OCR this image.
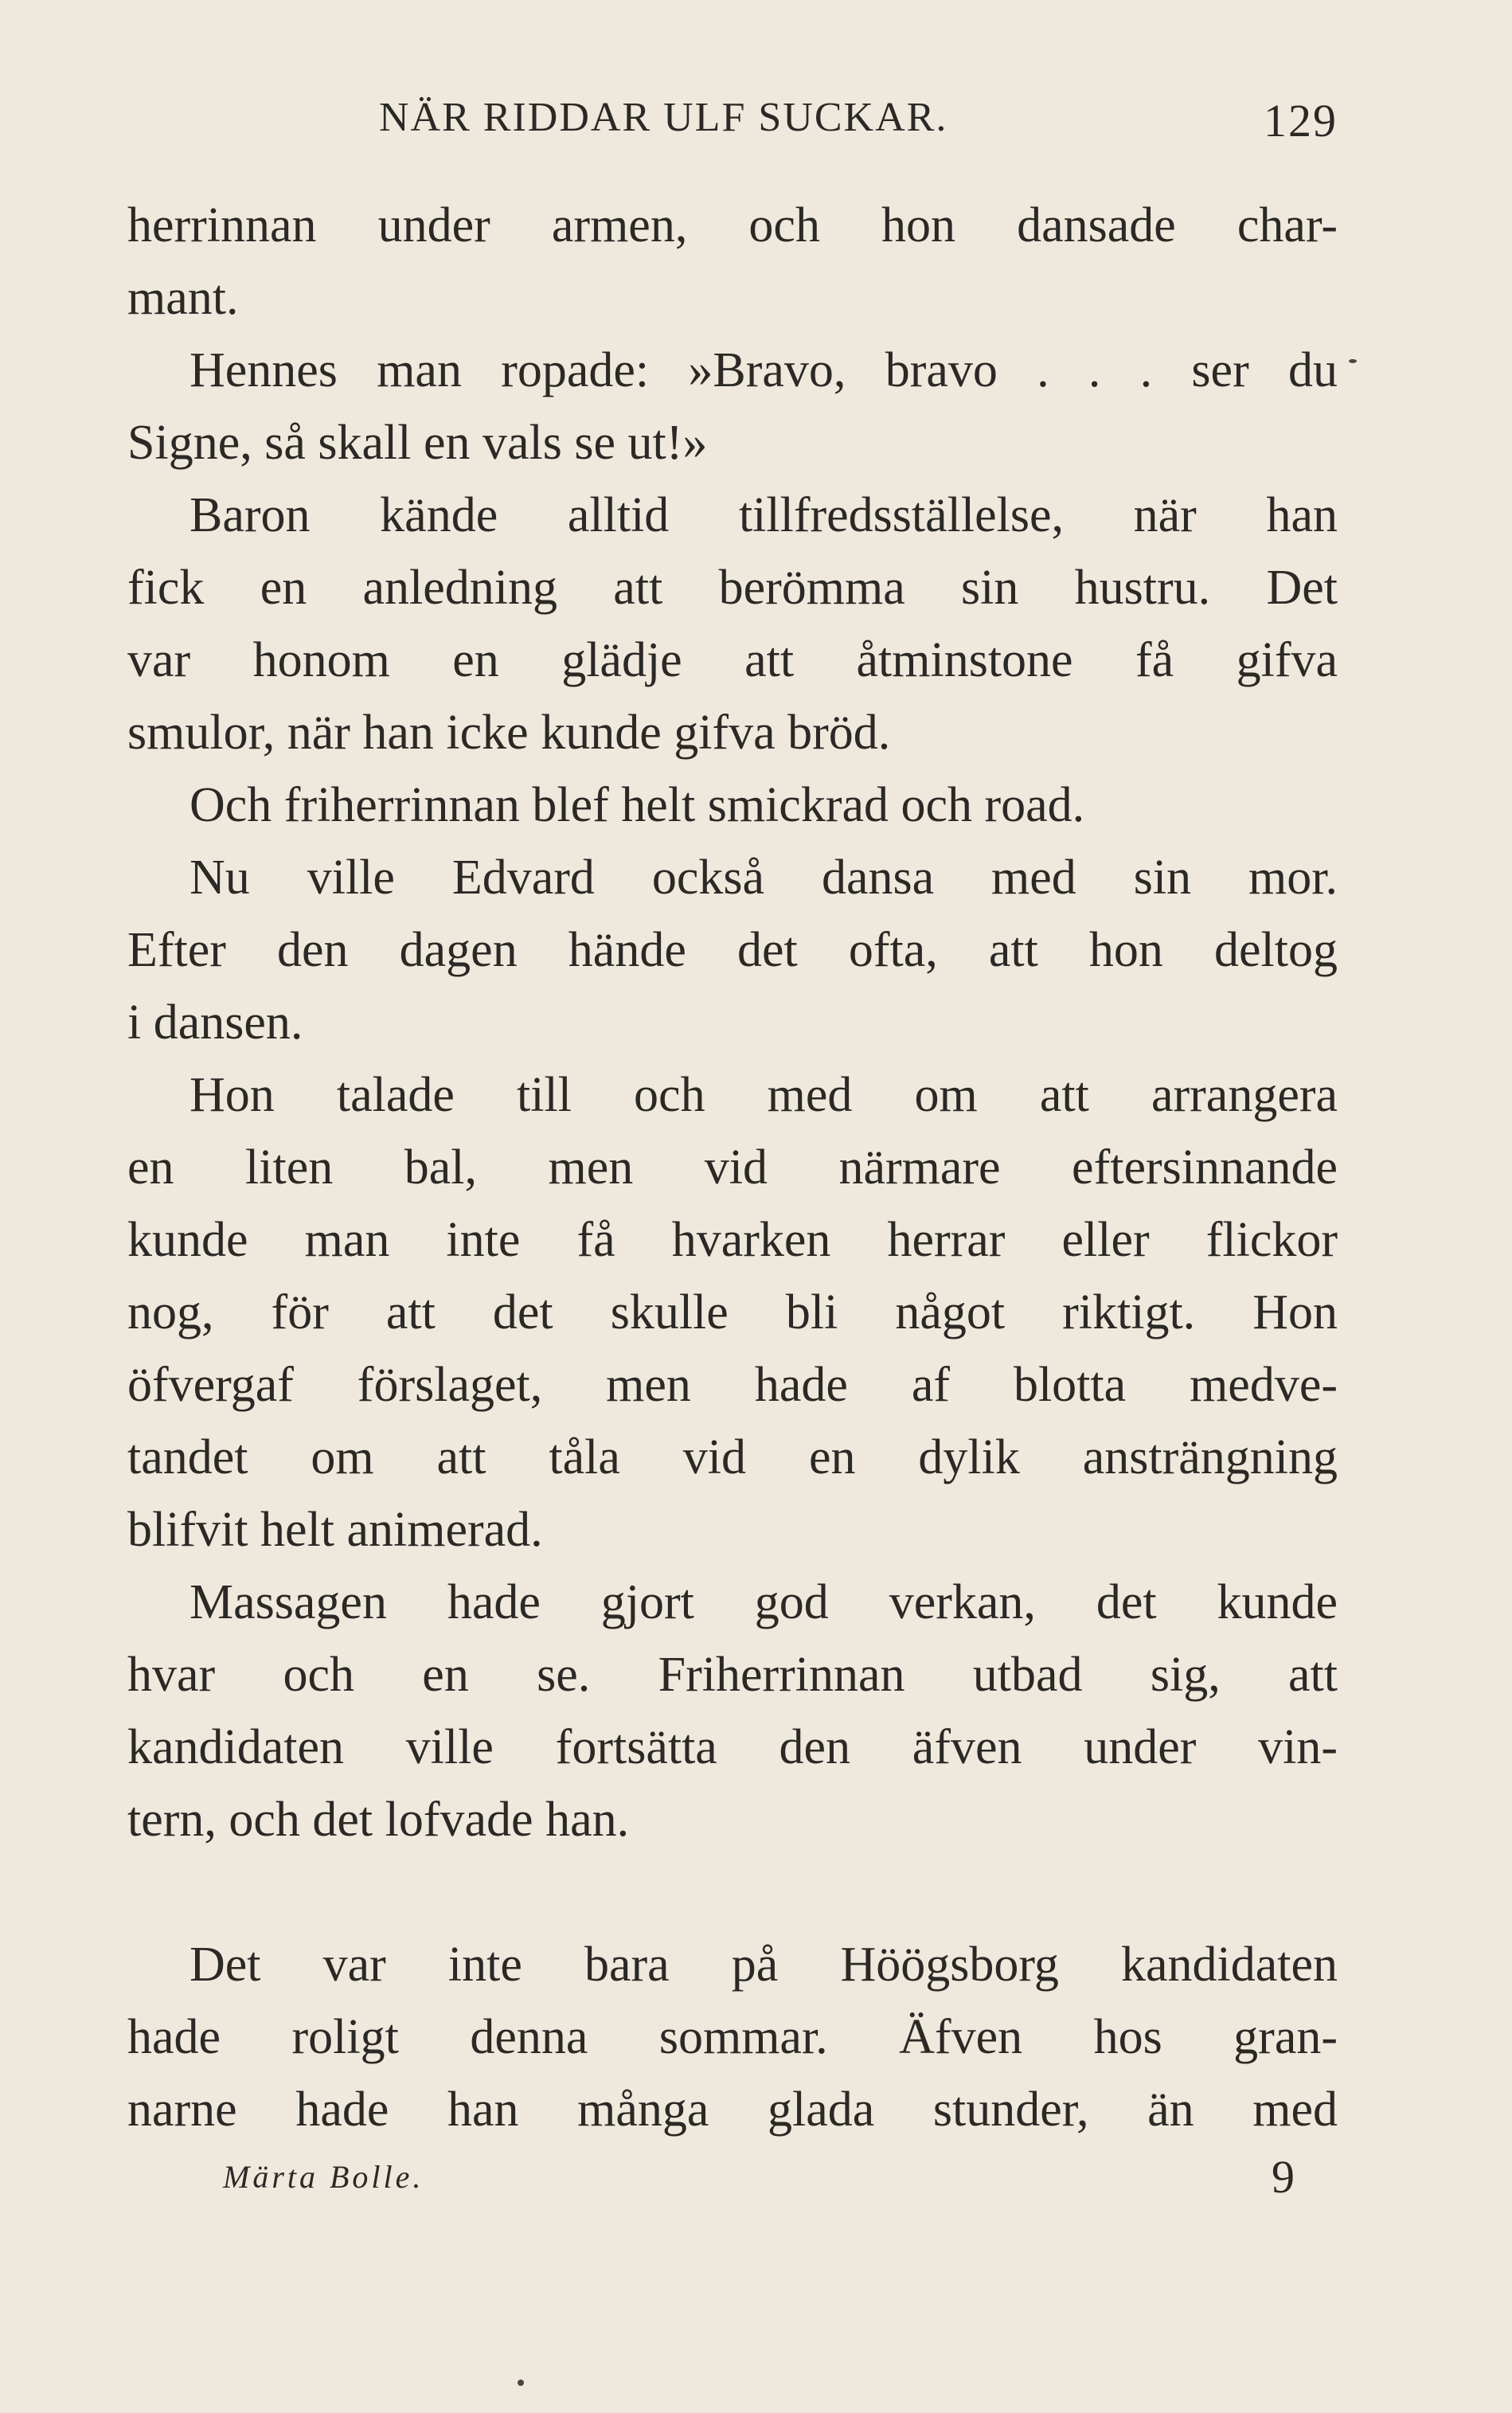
NÄR RIDDAR ULF SUCKAR.	129
herrinnan under armen, och hon dansade char-
mant.
Hennes man ropade: »Bravo, bravo . . . ser du
Signe, så skall en vals se ut!»
Baron kände alltid tillfredsställelse, när han
fick en anledning att berömma sin hustru. Det
var honom en glädje att åtminstone få gifva
smulor, när han icke kunde gifva bröd.
Och friherrinnan blef helt smickrad och road.
Nu ville Edvard också dansa med sin mor.
Efter den dagen hände det ofta, att hon deltog
i dansen.
Hon talade till och med om att arrangera
en liten bal, men vid närmare eftersinnande
kunde man inte få hvarken herrar eller flickor
nog, för att det skulle bli något riktigt. Hon
öfvergaf förslaget, men hade af blotta medve-
tandet om att tåla vid en dylik ansträngning
blifvit helt animerad.
Massagen hade gjort god verkan, det kunde
hvar och en se. Friherrinnan utbad sig, att
kandidaten ville fortsätta den äfven under vin-
tern, och det lofvade han.
Det var inte bara på Höögsborg kandidaten
hade roligt denna sommar. Äfven hos gran-
narne hade han många glada stunder, än med
Märta Bolle.	9
